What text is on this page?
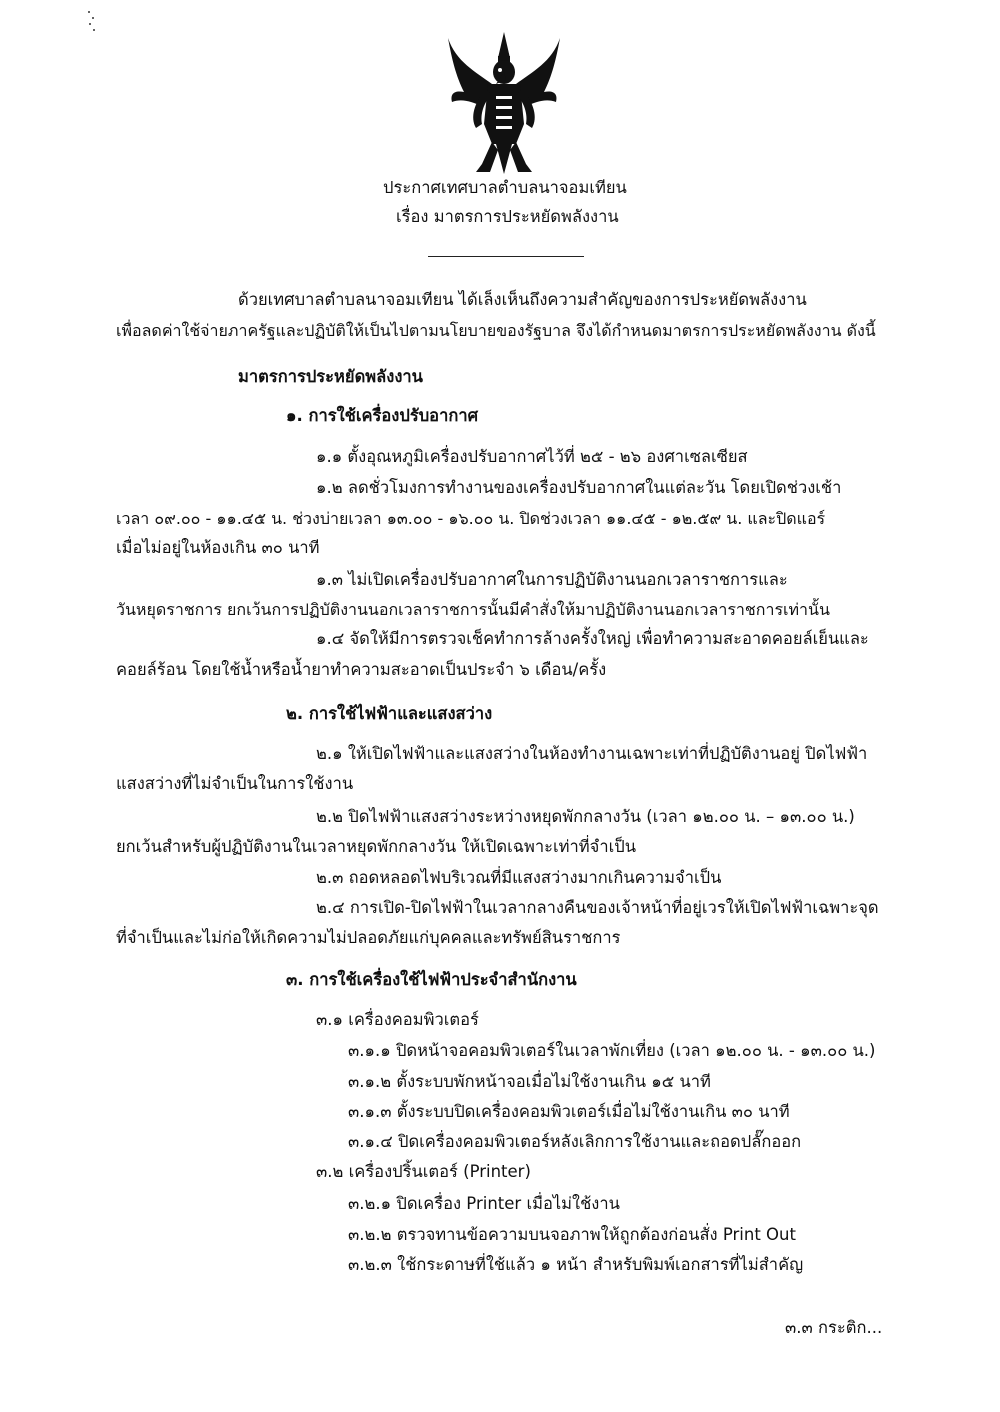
ประกาศเทศบาลตำบลนาจอมเทียน
เรื่อง มาตรการประหยัดพลังงาน
ด้วยเทศบาลตำบลนาจอมเทียน ได้เล็งเห็นถึงความสำคัญของการประหยัดพลังงาน
เพื่อลดค่าใช้จ่ายภาครัฐและปฏิบัติให้เป็นไปตามนโยบายของรัฐบาล จึงได้กำหนดมาตรการประหยัดพลังงาน ดังนี้
มาตรการประหยัดพลังงาน
๑. การใช้เครื่องปรับอากาศ
๑.๑ ตั้งอุณหภูมิเครื่องปรับอากาศไว้ที่ ๒๕ - ๒๖ องศาเซลเซียส
๑.๒ ลดชั่วโมงการทำงานของเครื่องปรับอากาศในแต่ละวัน โดยเปิดช่วงเช้า
เวลา ๐๙.๐๐ - ๑๑.๔๕ น. ช่วงบ่ายเวลา ๑๓.๐๐ - ๑๖.๐๐ น. ปิดช่วงเวลา ๑๑.๔๕ - ๑๒.๕๙ น. และปิดแอร์
เมื่อไม่อยู่ในห้องเกิน ๓๐ นาที
๑.๓ ไม่เปิดเครื่องปรับอากาศในการปฏิบัติงานนอกเวลาราชการและ
วันหยุดราชการ ยกเว้นการปฏิบัติงานนอกเวลาราชการนั้นมีคำสั่งให้มาปฏิบัติงานนอกเวลาราชการเท่านั้น
๑.๔ จัดให้มีการตรวจเช็คทำการล้างครั้งใหญ่ เพื่อทำความสะอาดคอยล์เย็นและ
คอยล์ร้อน โดยใช้น้ำหรือน้ำยาทำความสะอาดเป็นประจำ ๖ เดือน/ครั้ง
๒. การใช้ไฟฟ้าและแสงสว่าง
๒.๑ ให้เปิดไฟฟ้าและแสงสว่างในห้องทำงานเฉพาะเท่าที่ปฏิบัติงานอยู่ ปิดไฟฟ้า
แสงสว่างที่ไม่จำเป็นในการใช้งาน
๒.๒ ปิดไฟฟ้าแสงสว่างระหว่างหยุดพักกลางวัน (เวลา ๑๒.๐๐ น. – ๑๓.๐๐ น.)
ยกเว้นสำหรับผู้ปฏิบัติงานในเวลาหยุดพักกลางวัน ให้เปิดเฉพาะเท่าที่จำเป็น
๒.๓ ถอดหลอดไฟบริเวณที่มีแสงสว่างมากเกินความจำเป็น
๒.๔ การเปิด-ปิดไฟฟ้าในเวลากลางคืนของเจ้าหน้าที่อยู่เวรให้เปิดไฟฟ้าเฉพาะจุด
ที่จำเป็นและไม่ก่อให้เกิดความไม่ปลอดภัยแก่บุคคลและทรัพย์สินราชการ
๓. การใช้เครื่องใช้ไฟฟ้าประจำสำนักงาน
๓.๑ เครื่องคอมพิวเตอร์
๓.๑.๑ ปิดหน้าจอคอมพิวเตอร์ในเวลาพักเที่ยง (เวลา ๑๒.๐๐ น. - ๑๓.๐๐ น.)
๓.๑.๒ ตั้งระบบพักหน้าจอเมื่อไม่ใช้งานเกิน ๑๕ นาที
๓.๑.๓ ตั้งระบบปิดเครื่องคอมพิวเตอร์เมื่อไม่ใช้งานเกิน ๓๐ นาที
๓.๑.๔ ปิดเครื่องคอมพิวเตอร์หลังเลิกการใช้งานและถอดปลั๊กออก
๓.๒ เครื่องปริ้นเตอร์ (Printer)
๓.๒.๑ ปิดเครื่อง Printer เมื่อไม่ใช้งาน
๓.๒.๒ ตรวจทานข้อความบนจอภาพให้ถูกต้องก่อนสั่ง Print Out
๓.๒.๓ ใช้กระดาษที่ใช้แล้ว ๑ หน้า สำหรับพิมพ์เอกสารที่ไม่สำคัญ
๓.๓ กระติก...
